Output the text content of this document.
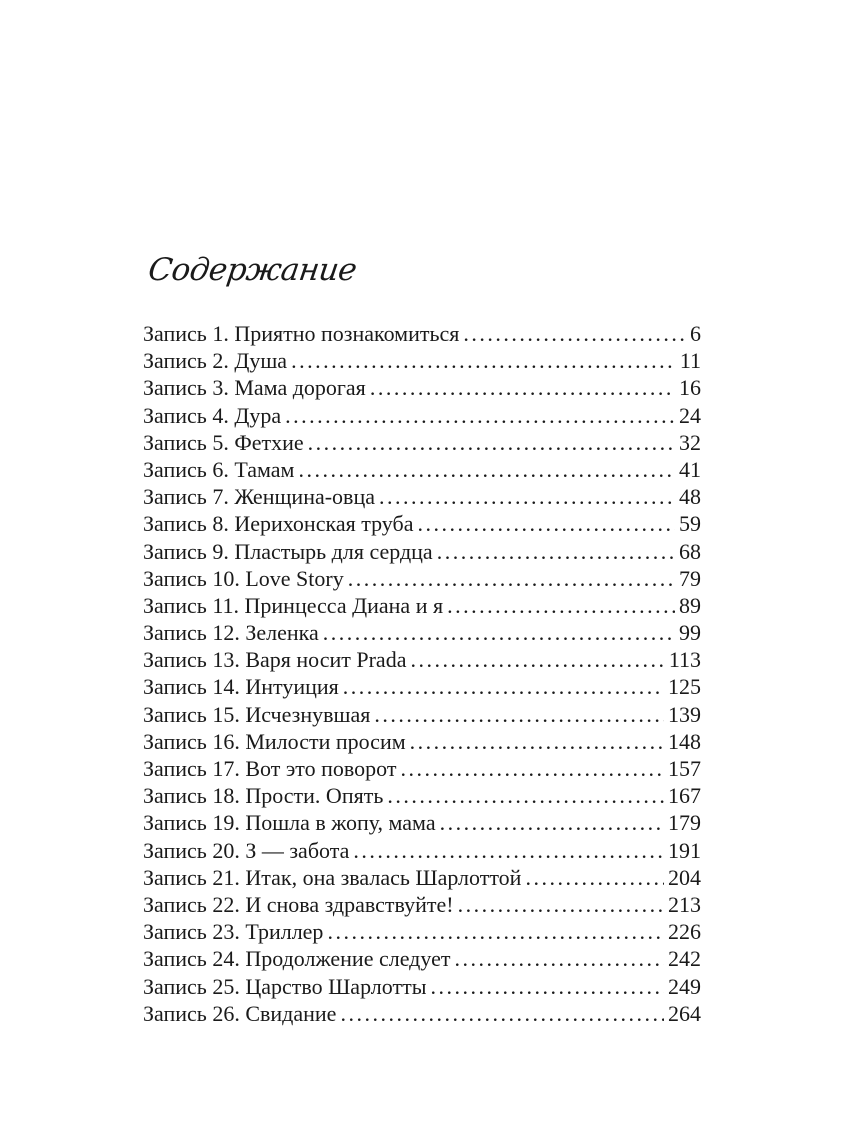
Содержание
Запись 1. Приятно познакомиться . . .	6
Запись 2. Душа . . .	11
Запись 3. Мама дорогая . . .	16
Запись 4. Дура . . .	24
Запись 5. Фетхие . . .	32
Запись 6. Тамам . . .	41
Запись 7. Женщина-овца . . .	48
Запись 8. Иерихонская труба . . .	59
Запись 9. Пластырь для сердца . . .	68
Запись 10. Love Story . . .	79
Запись 11. Принцесса Диана и я . . .	89
Запись 12. Зеленка . . .	99
Запись 13. Варя носит Prada . . .	113
Запись 14. Интуиция . . .	125
Запись 15. Исчезнувшая . . .	139
Запись 16. Милости просим . . .	148
Запись 17. Вот это поворот . . .	157
Запись 18. Прости. Опять . . .	167
Запись 19. Пошла в жопу, мама . . .	179
Запись 20. З — забота . . .	191
Запись 21. Итак, она звалась Шарлоттой . . .	204
Запись 22. И снова здравствуйте! . . .	213
Запись 23. Триллер . . .	226
Запись 24. Продолжение следует . . .	242
Запись 25. Царство Шарлотты . . .	249
Запись 26. Свидание . . .	264
